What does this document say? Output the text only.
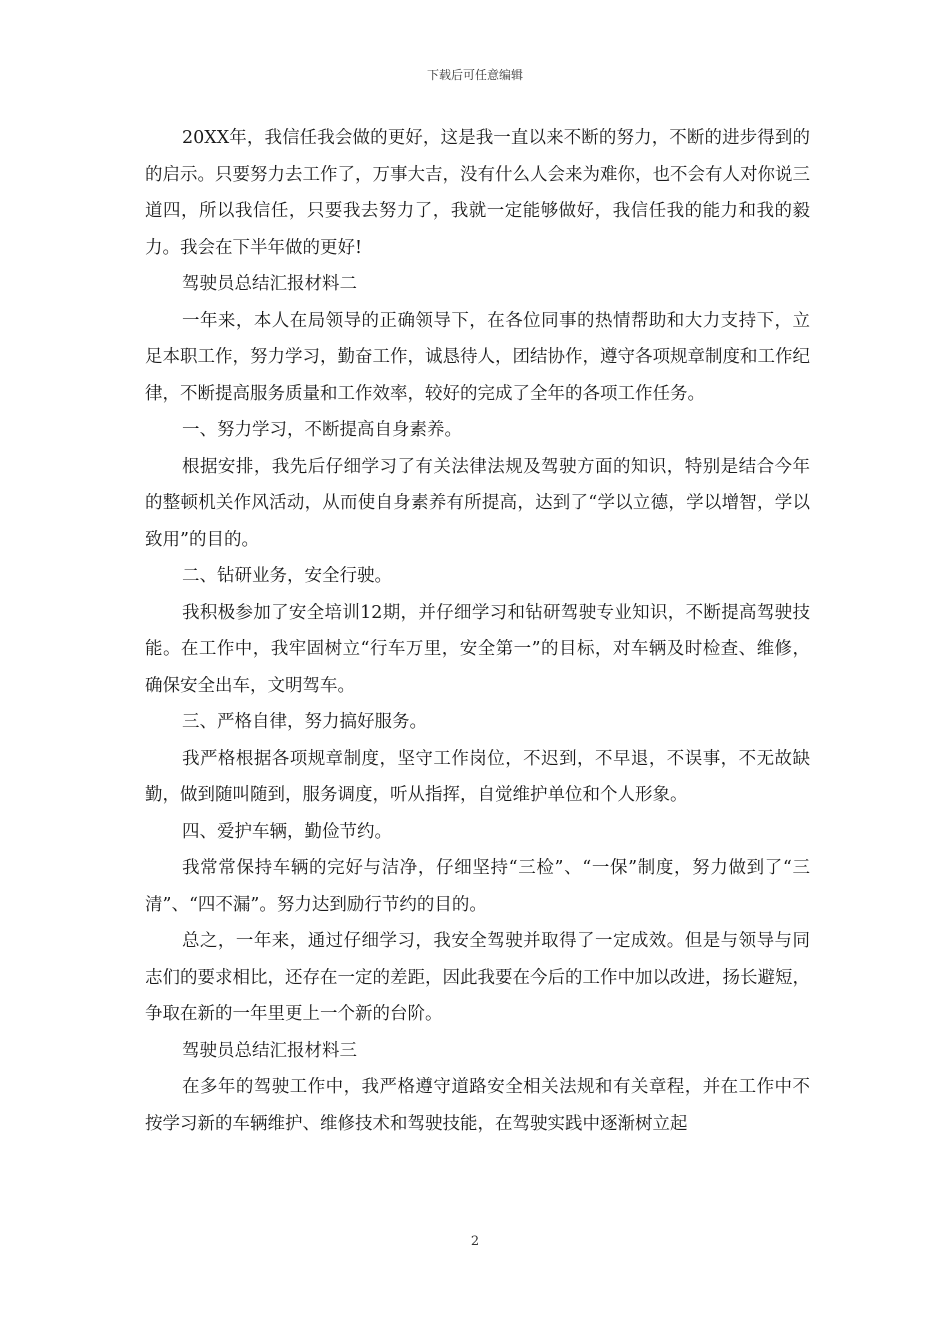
下载后可任意编辑

20XX年，我信任我会做的更好，这是我一直以来不断的努力，不断的进步得到的的启示。只要努力去工作了，万事大吉，没有什么人会来为难你，也不会有人对你说三道四，所以我信任，只要我去努力了，我就一定能够做好，我信任我的能力和我的毅力。我会在下半年做的更好!

驾驶员总结汇报材料二

一年来，本人在局领导的正确领导下，在各位同事的热情帮助和大力支持下，立足本职工作，努力学习，勤奋工作，诚恳待人，团结协作，遵守各项规章制度和工作纪律，不断提高服务质量和工作效率，较好的完成了全年的各项工作任务。

一、努力学习，不断提高自身素养。

根据安排，我先后仔细学习了有关法律法规及驾驶方面的知识，特别是结合今年的整顿机关作风活动，从而使自身素养有所提高，达到了“学以立德，学以增智，学以致用”的目的。

二、钻研业务，安全行驶。

我积极参加了安全培训12期，并仔细学习和钻研驾驶专业知识，不断提高驾驶技能。在工作中，我牢固树立“行车万里，安全第一”的目标，对车辆及时检查、维修，确保安全出车，文明驾车。

三、严格自律，努力搞好服务。

我严格根据各项规章制度，坚守工作岗位，不迟到，不早退，不误事，不无故缺勤，做到随叫随到，服务调度，听从指挥，自觉维护单位和个人形象。

四、爱护车辆，勤俭节约。

我常常保持车辆的完好与洁净，仔细坚持“三检”、“一保”制度，努力做到了“三清”、“四不漏”。努力达到励行节约的目的。

总之，一年来，通过仔细学习，我安全驾驶并取得了一定成效。但是与领导与同志们的要求相比，还存在一定的差距，因此我要在今后的工作中加以改进，扬长避短，争取在新的一年里更上一个新的台阶。

驾驶员总结汇报材料三

在多年的驾驶工作中，我严格遵守道路安全相关法规和有关章程，并在工作中不按学习新的车辆维护、维修技术和驾驶技能，在驾驶实践中逐渐树立起

2
